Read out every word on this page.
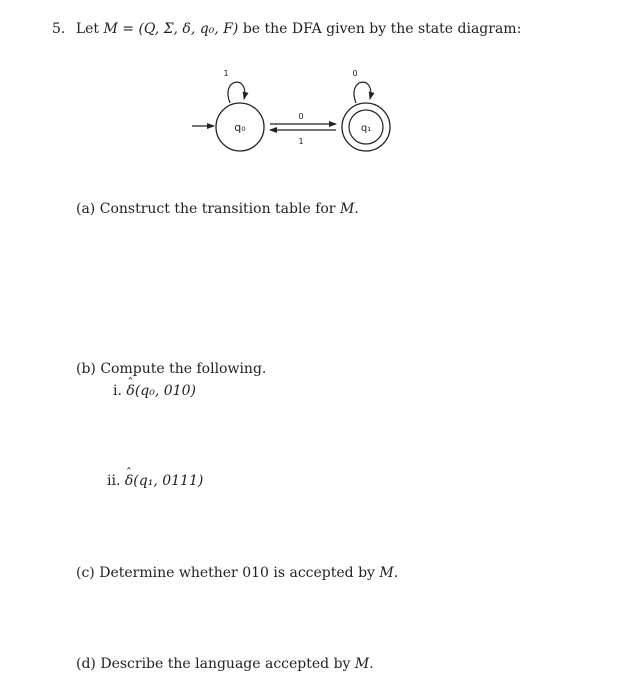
5. Let M = (Q, Σ, δ, q₀, F) be the DFA given by the state diagram:
q₀
1
q₁
0
0
1
(a) Construct the transition table for M.
(b) Compute the following.
i. ˆ δ(q₀, 010)
ii. ˆ δ(q₁, 0111)
(c) Determine whether 010 is accepted by M.
(d) Describe the language accepted by M.
